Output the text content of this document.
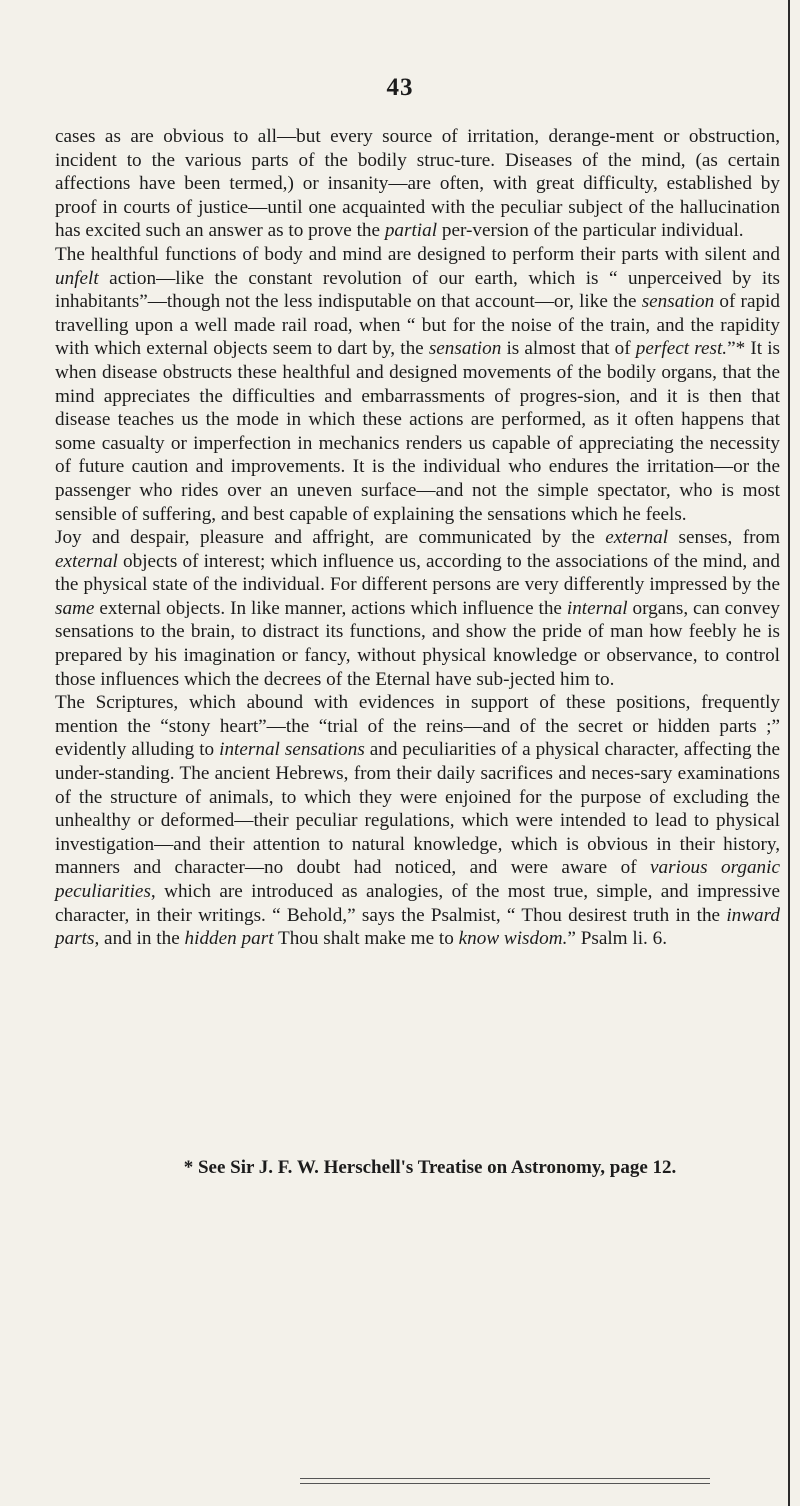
43

cases as are obvious to all—but every source of irritation, derange-ment or obstruction, incident to the various parts of the bodily struc-ture. Diseases of the mind, (as certain affections have been termed,) or insanity—are often, with great difficulty, established by proof in courts of justice—until one acquainted with the peculiar subject of the hallucination has excited such an answer as to prove the partial per-version of the particular individual.

The healthful functions of body and mind are designed to perform their parts with silent and unfelt action—like the constant revolution of our earth, which is “ unperceived by its inhabitants”—though not the less indisputable on that account—or, like the sensation of rapid travelling upon a well made rail road, when “ but for the noise of the train, and the rapidity with which external objects seem to dart by, the sensation is almost that of perfect rest.”* It is when disease obstructs these healthful and designed movements of the bodily organs, that the mind appreciates the difficulties and embarrassments of progres-sion, and it is then that disease teaches us the mode in which these actions are performed, as it often happens that some casualty or imperfection in mechanics renders us capable of appreciating the necessity of future caution and improvements. It is the individual who endures the irritation—or the passenger who rides over an uneven surface—and not the simple spectator, who is most sensible of suffering, and best capable of explaining the sensations which he feels.

Joy and despair, pleasure and affright, are communicated by the external senses, from external objects of interest; which influence us, according to the associations of the mind, and the physical state of the individual. For different persons are very differently impressed by the same external objects. In like manner, actions which influence the internal organs, can convey sensations to the brain, to distract its functions, and show the pride of man how feebly he is prepared by his imagination or fancy, without physical knowledge or observance, to control those influences which the decrees of the Eternal have sub-jected him to.

The Scriptures, which abound with evidences in support of these positions, frequently mention the “stony heart”—the “trial of the reins—and of the secret or hidden parts ;” evidently alluding to internal sensations and peculiarities of a physical character, affecting the under-standing. The ancient Hebrews, from their daily sacrifices and neces-sary examinations of the structure of animals, to which they were enjoined for the purpose of excluding the unhealthy or deformed—their peculiar regulations, which were intended to lead to physical investigation—and their attention to natural knowledge, which is obvious in their history, manners and character—no doubt had noticed, and were aware of various organic peculiarities, which are introduced as analogies, of the most true, simple, and impressive character, in their writings. “ Behold,” says the Psalmist, “ Thou desirest truth in the inward parts, and in the hidden part Thou shalt make me to know wisdom.” Psalm li. 6.

* See Sir J. F. W. Herschell's Treatise on Astronomy, page 12.
